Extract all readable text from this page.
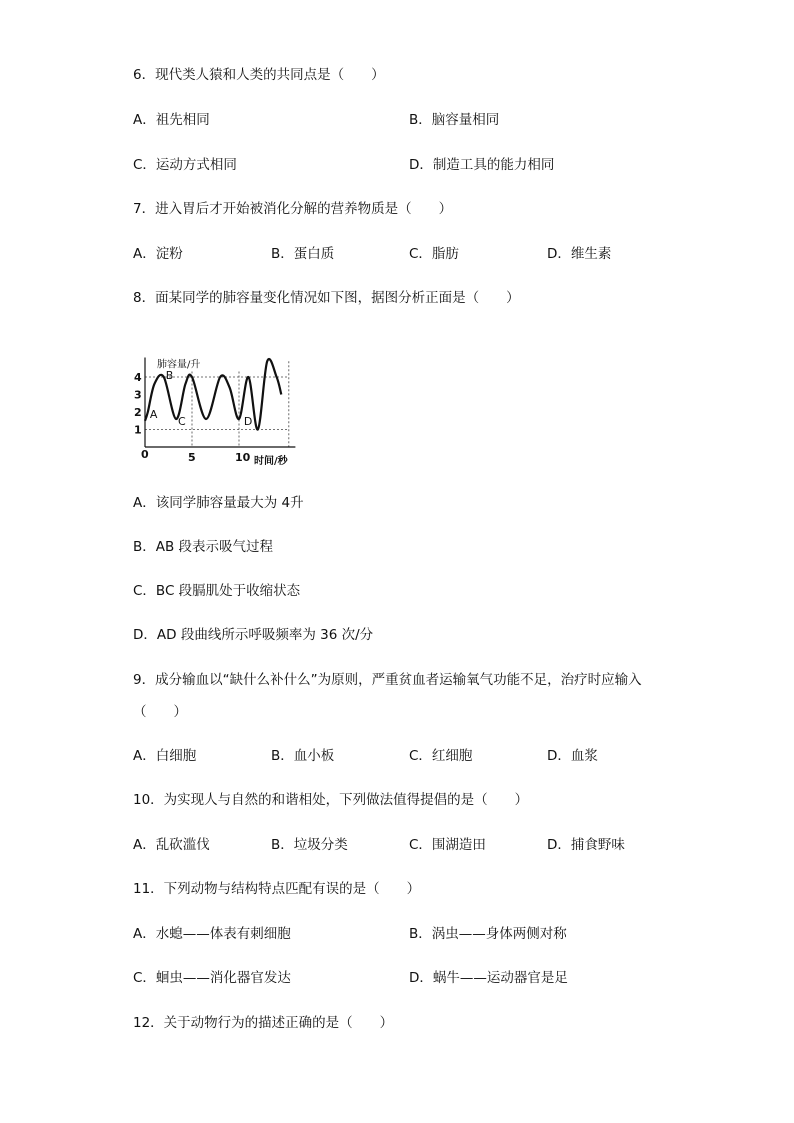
6．现代类人猿和人类的共同点是（　　）
A．祖先相同	B．脑容量相同
C．运动方式相同	D．制造工具的能力相同
7．进入胃后才开始被消化分解的营养物质是（　　）
A．淀粉	B．蛋白质	C．脂肪	D．维生素
8．面某同学的肺容量变化情况如下图，据图分析正面是（　　）
肺容量/升
时间/秒
0
1
2
3
4
5	10
A
B
C	D
A．该同学肺容量最大为 4升
B．AB 段表示吸气过程
C．BC 段膈肌处于收缩状态
D．AD 段曲线所示呼吸频率为 36 次/分
9．成分输血以“缺什么补什么”为原则，严重贫血者运输氧气功能不足，治疗时应输入
（　　）
A．白细胞	B．血小板	C．红细胞	D．血浆
10．为实现人与自然的和谐相处，下列做法值得提倡的是（　　）
A．乱砍滥伐	B．垃圾分类	C．围湖造田	D．捕食野味
11．下列动物与结构特点匹配有误的是（　　）
A．水螅——体表有刺细胞	B．涡虫——身体两侧对称
C．蛔虫——消化器官发达	D．蜗牛——运动器官是足
12．关于动物行为的描述正确的是（　　）
